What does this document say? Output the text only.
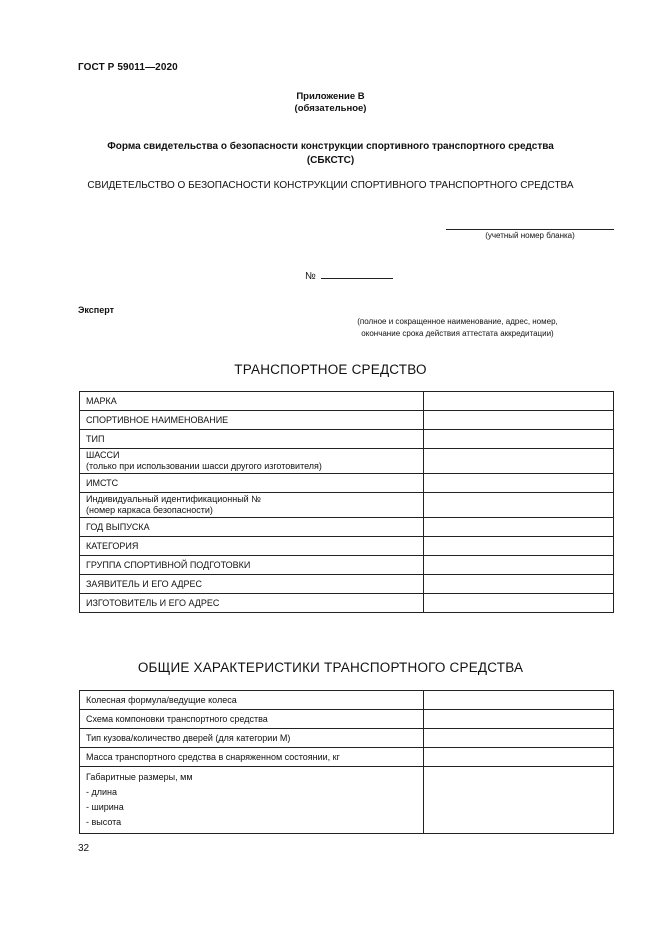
ГОСТ Р 59011—2020
Приложение В
(обязательное)
Форма свидетельства о безопасности конструкции спортивного транспортного средства
(СБКСТС)
СВИДЕТЕЛЬСТВО О БЕЗОПАСНОСТИ КОНСТРУКЦИИ СПОРТИВНОГО ТРАНСПОРТНОГО СРЕДСТВА
(учетный номер бланка)
№
Эксперт
(полное и сокращенное наименование, адрес, номер,
окончание срока действия аттестата аккредитации)
ТРАНСПОРТНОЕ СРЕДСТВО
МАРКА	
СПОРТИВНОЕ НАИМЕНОВАНИЕ	
ТИП	

ШАССИ
(только при использовании шасси другого изготовителя)	

ИМСТС	

Индивидуальный идентификационный №
(номер каркаса безопасности)	

ГОД ВЫПУСКА	
КАТЕГОРИЯ	
ГРУППА СПОРТИВНОЙ ПОДГОТОВКИ	
ЗАЯВИТЕЛЬ И ЕГО АДРЕС	
ИЗГОТОВИТЕЛЬ И ЕГО АДРЕС	
ОБЩИЕ ХАРАКТЕРИСТИКИ ТРАНСПОРТНОГО СРЕДСТВА
Колесная формула/ведущие колеса	
Схема компоновки транспортного средства	
Тип кузова/количество дверей (для категории М)	
Масса транспортного средства в снаряженном состоянии, кг	

Габаритные размеры, мм
- длина
- ширина
- высота	

32
